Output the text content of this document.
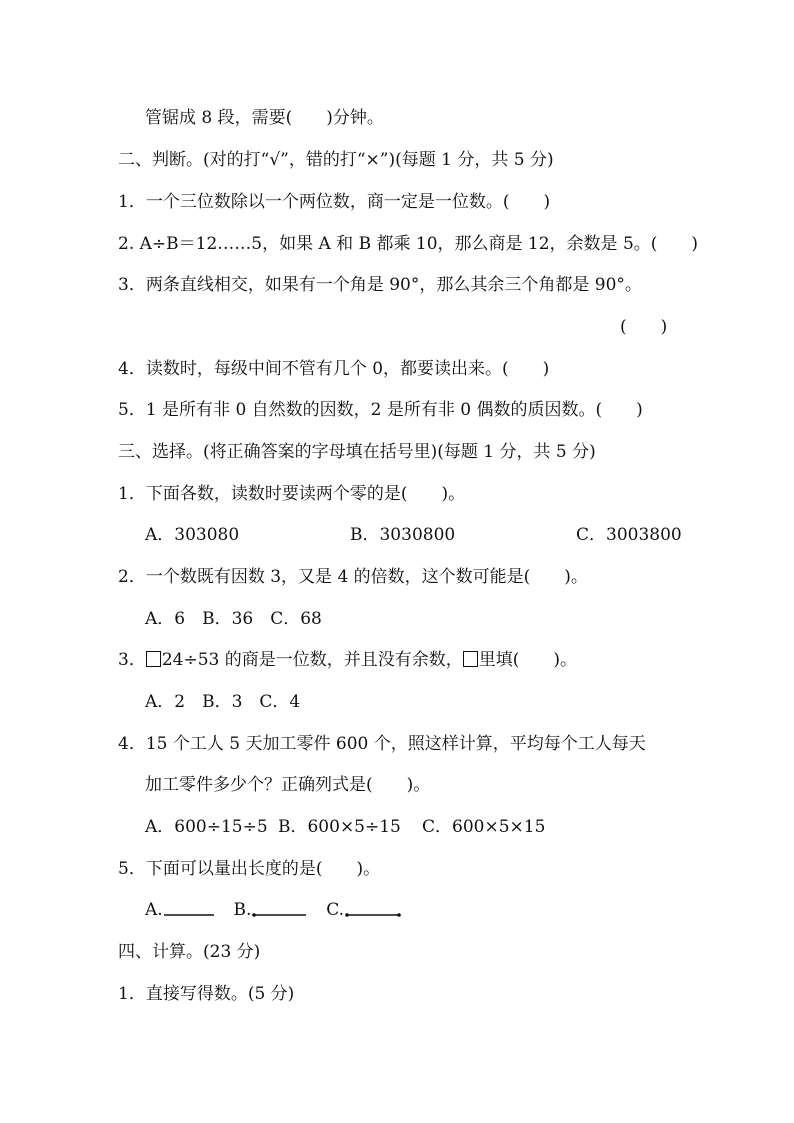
管锯成 8 段，需要(　　)分钟。
二、判断。(对的打“√”，错的打“×”)(每题 1 分，共 5 分)
1．一个三位数除以一个两位数，商一定是一位数。(　　)
2. A÷B＝12……5，如果 A 和 B 都乘 10，那么商是 12，余数是 5。(　　)
3．两条直线相交，如果有一个角是 90°，那么其余三个角都是 90°。
(　　)
4．读数时，每级中间不管有几个 0，都要读出来。(　　)
5．1 是所有非 0 自然数的因数，2 是所有非 0 偶数的质因数。(　　)
三、选择。(将正确答案的字母填在括号里)(每题 1 分，共 5 分)
1．下面各数，读数时要读两个零的是(　　)。
A．303080	B．3030800	C．3003800
2．一个数既有因数 3，又是 4 的倍数，这个数可能是(　　)。
A．6　B．36　C．68
3． 24÷53 的商是一位数，并且没有余数， 里填(　　)。
A．2　B．3　C．4
4．15 个工人 5 天加工零件 600 个，照这样计算，平均每个工人每天
加工零件多少个？正确列式是(　　)。
A．600÷15÷5 B．600×5÷15 C．600×5×15
5．下面可以量出长度的是(　　)。
A.	B.	C.
四、计算。(23 分)
1．直接写得数。(5 分)
